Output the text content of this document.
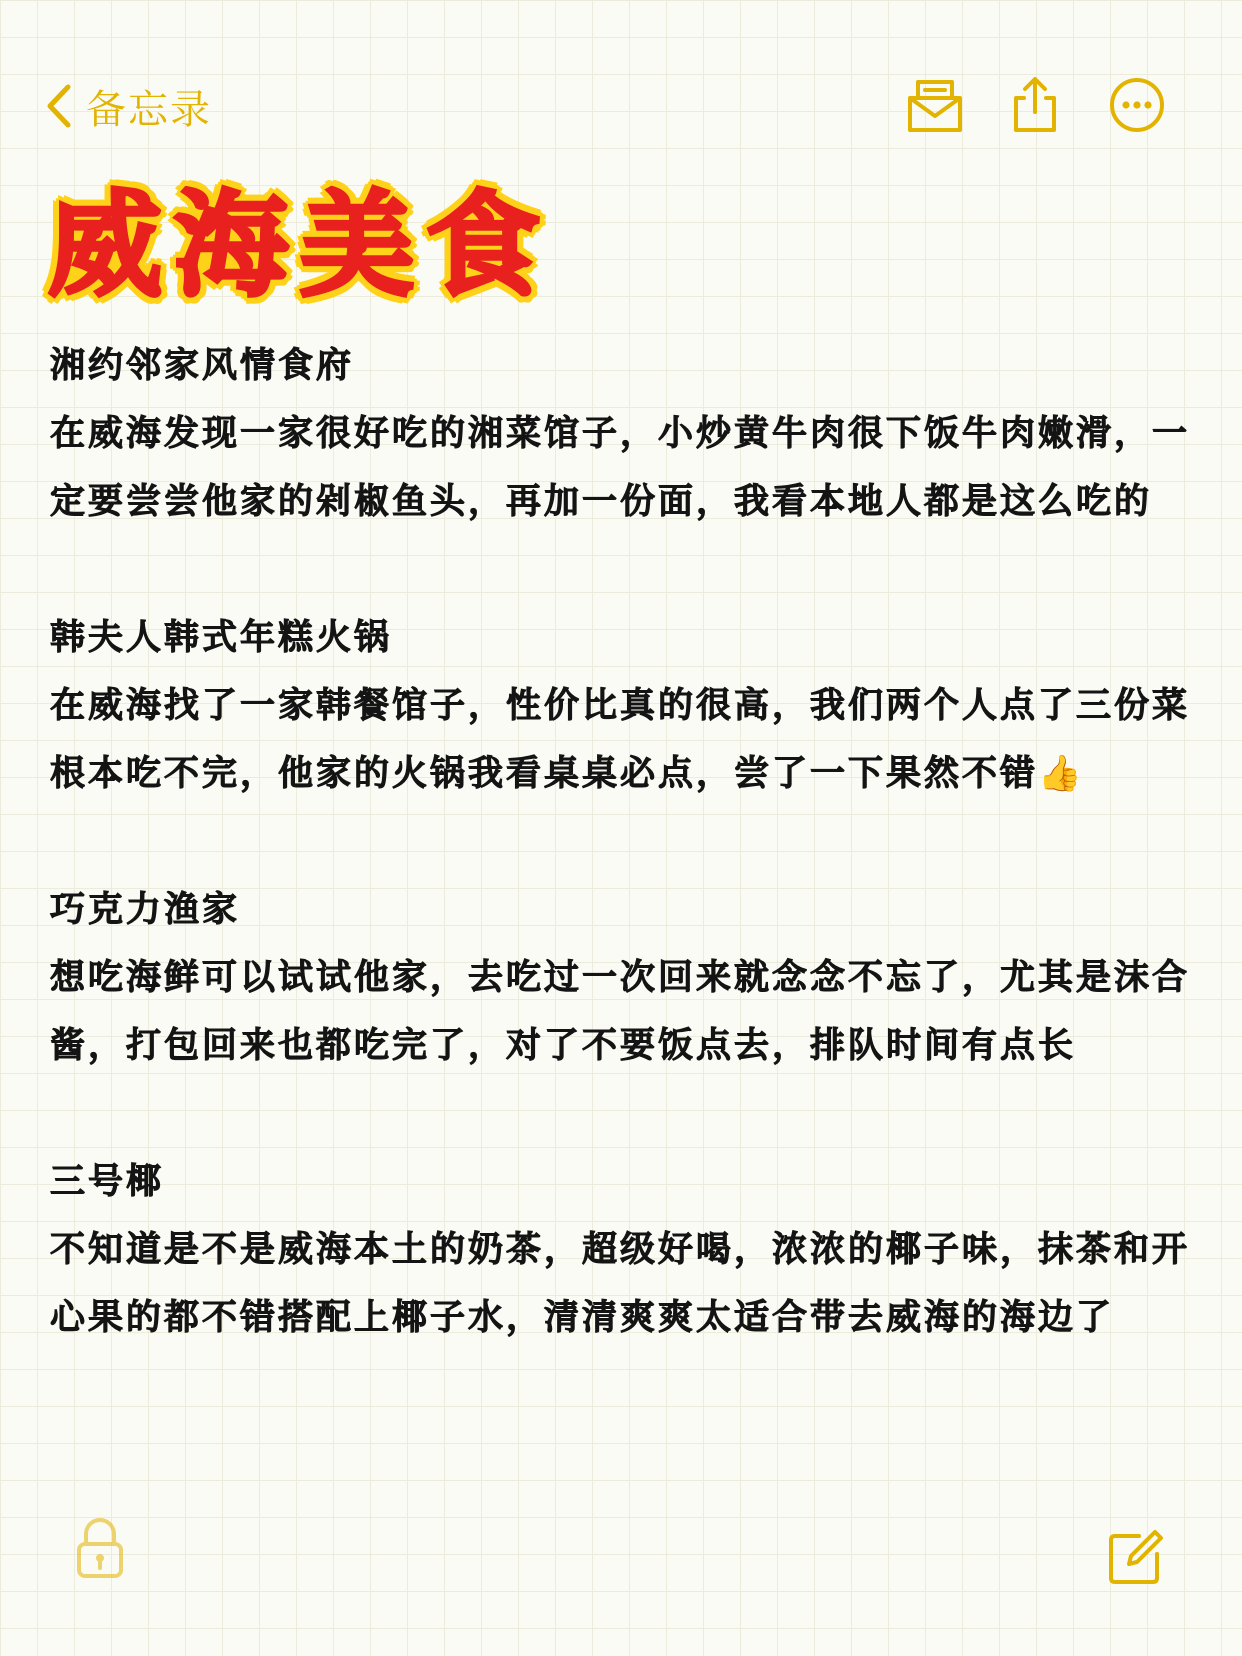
备忘录
威海美食

湘约邻家风情食府

在威海发现一家很好吃的湘菜馆子，小炒黄牛肉很下饭牛肉嫩滑，一定要尝尝他家的剁椒鱼头，再加一份面，我看本地人都是这么吃的

韩夫人韩式年糕火锅

在威海找了一家韩餐馆子，性价比真的很高，我们两个人点了三份菜根本吃不完，他家的火锅我看桌桌必点，尝了一下果然不错👍

巧克力渔家

想吃海鲜可以试试他家，去吃过一次回来就念念不忘了，尤其是沫合酱，打包回来也都吃完了，对了不要饭点去，排队时间有点长

三号椰

不知道是不是威海本土的奶茶，超级好喝，浓浓的椰子味，抹茶和开心果的都不错搭配上椰子水，清清爽爽太适合带去威海的海边了
